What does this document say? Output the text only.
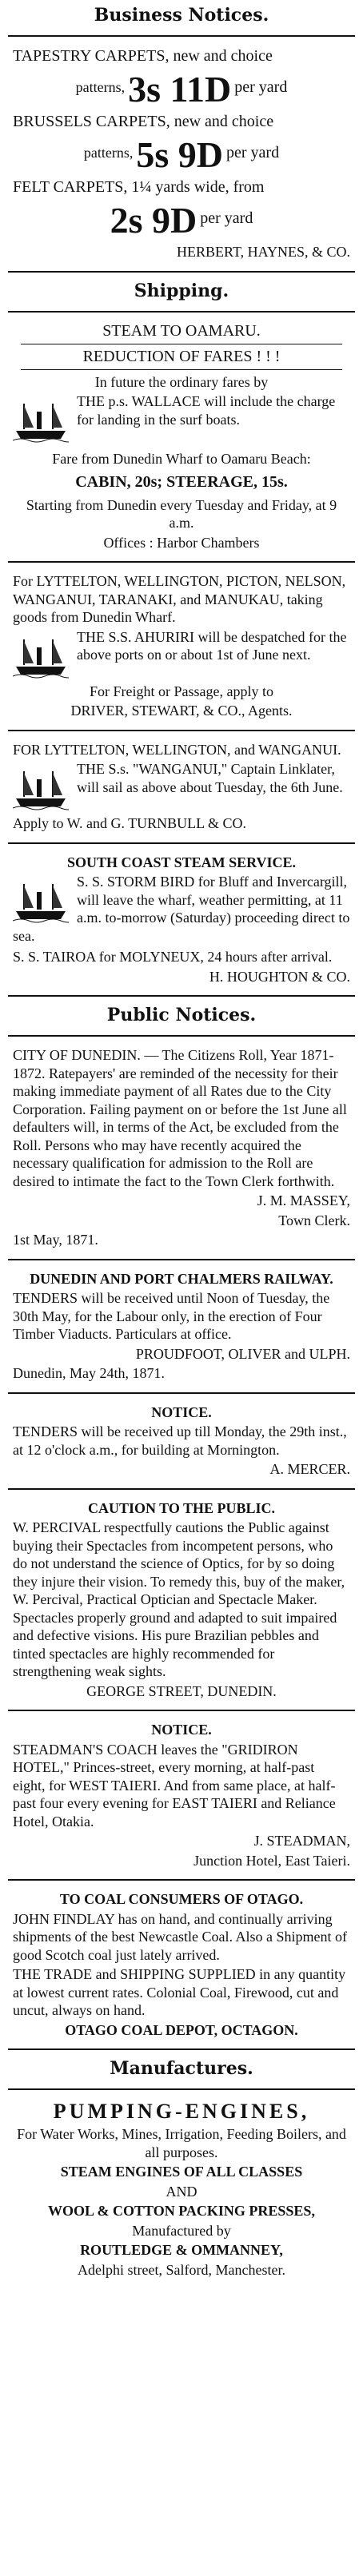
Business Notices.

TAPESTRY CARPETS, new and choice

patterns, 3s 11D per yard

BRUSSELS CARPETS, new and choice

patterns, 5s 9D per yard

FELT CARPETS, 1¼ yards wide, from

2s 9D per yard

HERBERT, HAYNES, & CO.

Shipping.

STEAM TO OAMARU.

REDUCTION OF FARES ! ! !

In future the ordinary fares by

THE p.s. WALLACE will include the charge for landing in the surf boats.

Fare from Dunedin Wharf to Oamaru Beach:

CABIN, 20s; STEERAGE, 15s.

Starting from Dunedin every Tuesday and Friday, at 9 a.m.

Offices : Harbor Chambers

For LYTTELTON, WELLINGTON, PICTON, NELSON, WANGANUI, TARANAKI, and MANUKAU, taking goods from Dunedin Wharf.

THE S.S. AHURIRI will be despatched for the above ports on or about 1st of June next.

For Freight or Passage, apply to

DRIVER, STEWART, & CO., Agents.

FOR LYTTELTON, WELLINGTON, and WANGANUI.

THE S.s. "WANGANUI," Captain Linklater, will sail as above about Tuesday, the 6th June.

Apply to W. and G. TURNBULL & CO.

SOUTH COAST STEAM SERVICE.

S. S. STORM BIRD for Bluff and Invercargill, will leave the wharf, weather permitting, at 11 a.m. to-morrow (Saturday) proceeding direct to sea.

S. S. TAIROA for MOLYNEUX, 24 hours after arrival.

H. HOUGHTON & CO.

Public Notices.

CITY OF DUNEDIN. — The Citizens Roll, Year 1871-1872. Ratepayers' are reminded of the necessity for their making immediate payment of all Rates due to the City Corporation. Failing payment on or before the 1st June all defaulters will, in terms of the Act, be excluded from the Roll. Persons who may have recently acquired the necessary qualification for admission to the Roll are desired to intimate the fact to the Town Clerk forthwith.

J. M. MASSEY,

Town Clerk.

1st May, 1871.

DUNEDIN AND PORT CHALMERS RAILWAY.

TENDERS will be received until Noon of Tuesday, the 30th May, for the Labour only, in the erection of Four Timber Viaducts. Particulars at office.

PROUDFOOT, OLIVER and ULPH.

Dunedin, May 24th, 1871.

NOTICE.

TENDERS will be received up till Monday, the 29th inst., at 12 o'clock a.m., for building at Mornington.

A. MERCER.

CAUTION TO THE PUBLIC.

W. PERCIVAL respectfully cautions the Public against buying their Spectacles from incompetent persons, who do not understand the science of Optics, for by so doing they injure their vision. To remedy this, buy of the maker, W. Percival, Practical Optician and Spectacle Maker. Spectacles properly ground and adapted to suit impaired and defective visions. His pure Brazilian pebbles and tinted spectacles are highly recommended for strengthening weak sights.

GEORGE STREET, DUNEDIN.

NOTICE.

STEADMAN'S COACH leaves the "GRIDIRON HOTEL," Princes-street, every morning, at half-past eight, for WEST TAIERI. And from same place, at half-past four every evening for EAST TAIERI and Reliance Hotel, Otakia.

J. STEADMAN,

Junction Hotel, East Taieri.

TO COAL CONSUMERS OF OTAGO.

JOHN FINDLAY has on hand, and continually arriving shipments of the best Newcastle Coal. Also a Shipment of good Scotch coal just lately arrived.

THE TRADE and SHIPPING SUPPLIED in any quantity at lowest current rates. Colonial Coal, Firewood, cut and uncut, always on hand.

OTAGO COAL DEPOT, OCTAGON.

Manufactures.

PUMPING-ENGINES,

For Water Works, Mines, Irrigation, Feeding Boilers, and all purposes.

STEAM ENGINES OF ALL CLASSES

AND

WOOL & COTTON PACKING PRESSES,

Manufactured by

ROUTLEDGE & OMMANNEY,

Adelphi street, Salford, Manchester.
